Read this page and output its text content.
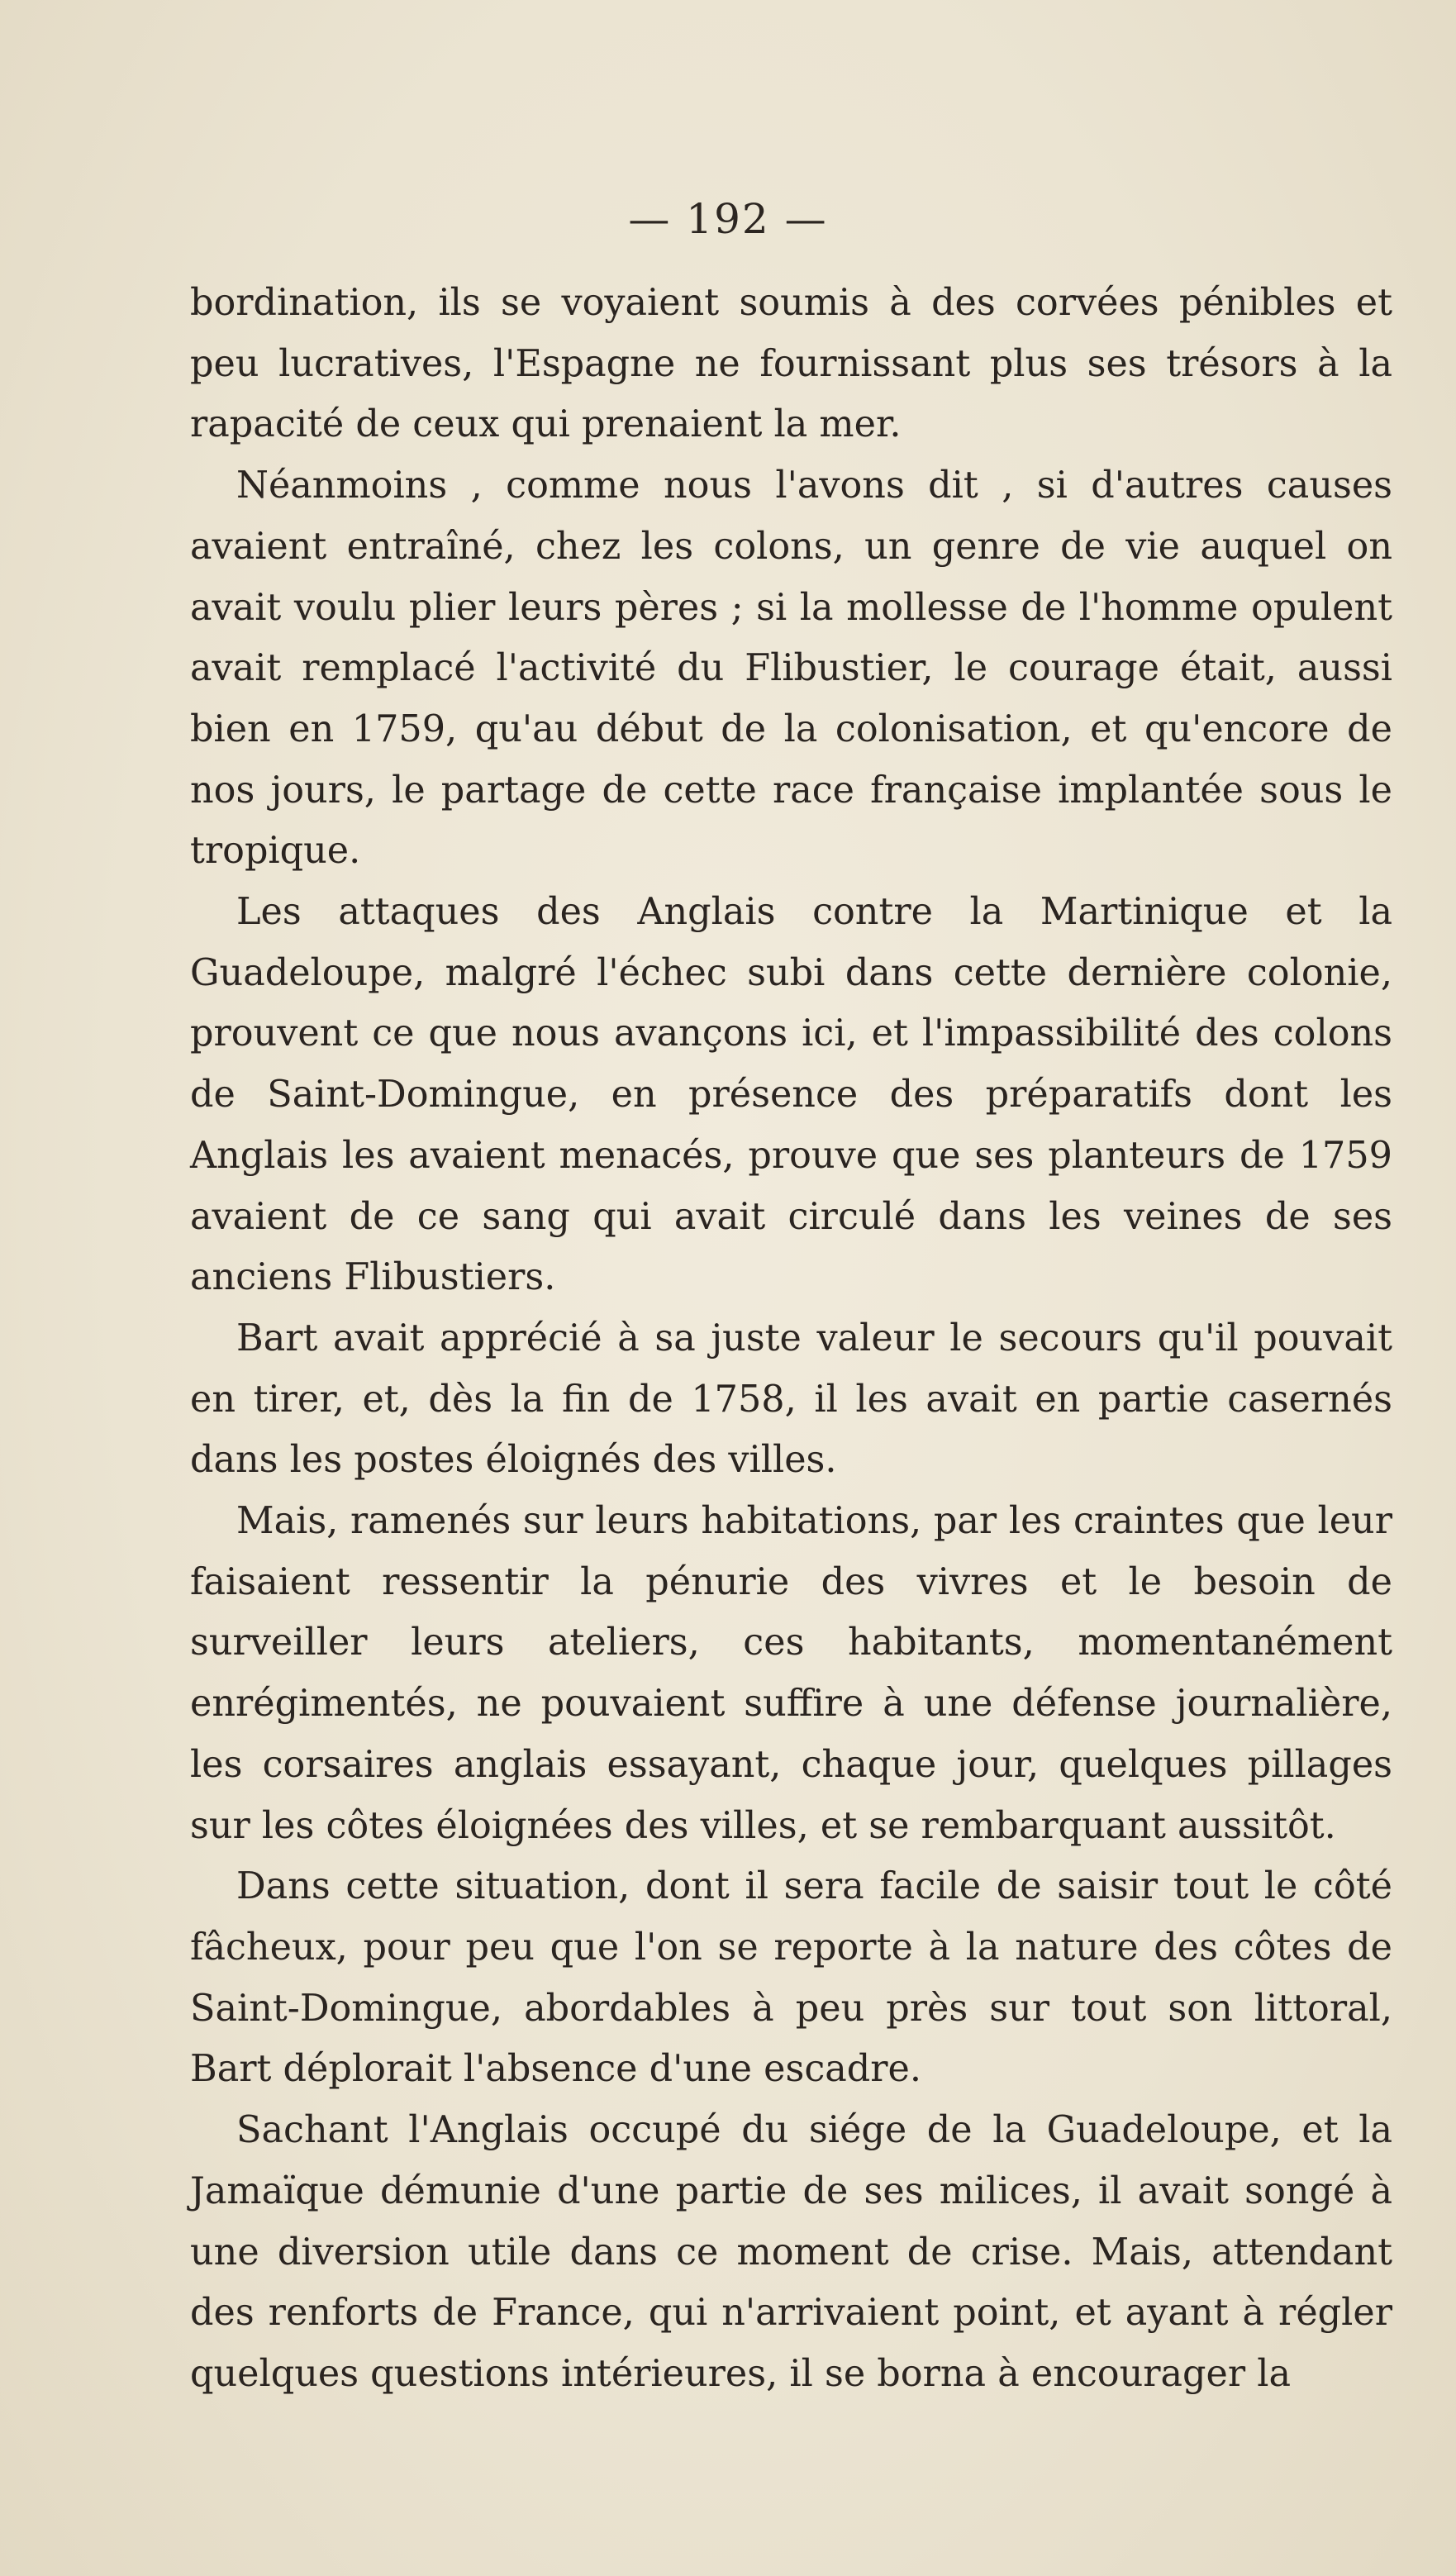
— 192 —

bordination, ils se voyaient soumis à des corvées pénibles et peu lucratives, l'Espagne ne fournissant plus ses trésors à la rapacité de ceux qui prenaient la mer.

Néanmoins , comme nous l'avons dit , si d'autres causes avaient entraîné, chez les colons, un genre de vie auquel on avait voulu plier leurs pères ; si la mollesse de l'homme opulent avait remplacé l'activité du Flibustier, le courage était, aussi bien en 1759, qu'au début de la colonisation, et qu'encore de nos jours, le partage de cette race française implantée sous le tropique.

Les attaques des Anglais contre la Martinique et la Guadeloupe, malgré l'échec subi dans cette dernière colonie, prouvent ce que nous avançons ici, et l'impassibilité des colons de Saint-Domingue, en présence des préparatifs dont les Anglais les avaient menacés, prouve que ses planteurs de 1759 avaient de ce sang qui avait circulé dans les veines de ses anciens Flibustiers.

Bart avait apprécié à sa juste valeur le secours qu'il pouvait en tirer, et, dès la fin de 1758, il les avait en partie casernés dans les postes éloignés des villes.

Mais, ramenés sur leurs habitations, par les craintes que leur faisaient ressentir la pénurie des vivres et le besoin de surveiller leurs ateliers, ces habitants, momentanément enrégimentés, ne pouvaient suffire à une défense journalière, les corsaires anglais essayant, chaque jour, quelques pillages sur les côtes éloignées des villes, et se rembarquant aussitôt.

Dans cette situation, dont il sera facile de saisir tout le côté fâcheux, pour peu que l'on se reporte à la nature des côtes de Saint-Domingue, abordables à peu près sur tout son littoral, Bart déplorait l'absence d'une escadre.

Sachant l'Anglais occupé du siége de la Guadeloupe, et la Jamaïque démunie d'une partie de ses milices, il avait songé à une diversion utile dans ce moment de crise. Mais, attendant des renforts de France, qui n'arrivaient point, et ayant à régler quelques questions intérieures, il se borna à encourager la
